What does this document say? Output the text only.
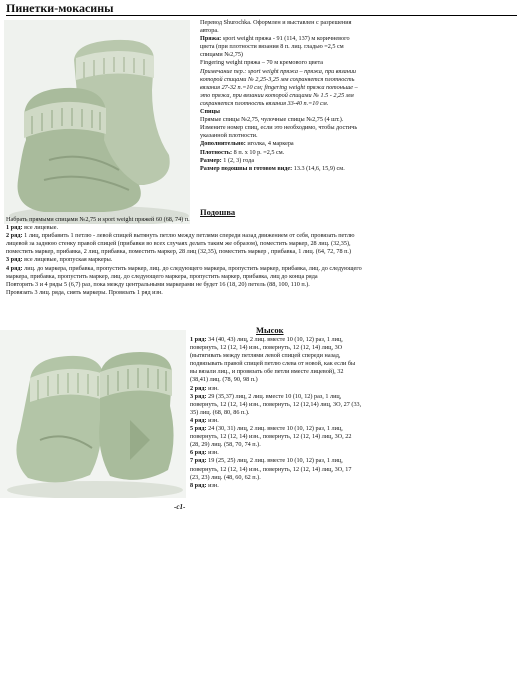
Пинетки-мокасины

Перевод Shurochka. Оформлен и выставлен с разрешения автора.

Пряжа: sport weight пряжа - 91 (114, 137) м коричневого цвета (при плотности вязания 8 п. лиц. гладью =2,5 см спицами №2,75)

Fingering weight пряжа – 70 м кремового цвета

Примечание пер.: sport weight пряжа – пряжа, при вязании которой спицами № 2,25-3,25 мм сохраняется плотность вязания 27-32 п.=10 см; fingering weight пряжа потоньше – это пряжа, при вязании которой спицами № 1.5 - 2,25 мм сохраняется плотность вязания 33-40 п.=10 см.

Спицы

Прямые спицы №2,75, чулочные спицы №2,75 (4 шт.). Измените номер спиц, если это необходимо, чтобы достичь указанной плотности.

Дополнительно: иголка, 4 маркера

Плотность: 8 п. х 10 р. =2,5 см.

Размер: 1 (2, 3) года

Размер подошвы в готовом виде: 13.3 (14,6, 15,9) см.

Подошва

Набрать прямыми спицами №2,75 и sport weight пряжей 60 (68, 74) п.

1 ряд: все лицевые.

2 ряд: 1 лиц, прибавить 1 петлю - левой спицей вытянуть петлю между петлями спереди назад движением от себя, провязать петлю лицевой за заднюю стенку правой спицей (прибавки во всех случаях делать таким же образом), поместить маркер, 28 лиц. (32,35), поместить маркер, прибавка, 2 лиц, прибавка, поместить маркер, 28 лиц (32,35), поместить маркер , прибавка, 1 лиц. (64, 72, 78 п.)

3 ряд: все лицевые, пропуская маркеры.

4 ряд: лиц. до маркера, прибавка, пропустить маркер, лиц. до следующего маркера, пропустить маркер, прибавка, лиц. до следующего маркера, прибавка, пропустить маркер, лиц. до следующего маркера, пропустить маркер, прибавка, лиц до конца ряда

Повторять 3 и 4 ряды 5 (6,7) раз, пока между центральными маркерами не будет 16 (18, 20) петель (88, 100, 110 п.).

Провязать 3 лиц. ряда, сиять маркеры. Провязать 1 ряд изн.

Мысок

1 ряд: 34 (40, 43) лиц, 2 лиц. вместе 10 (10, 12) раз, 1 лиц, повернуть, 12 (12, 14) изн., повернуть, 12 (12, 14) лиц, 3О (вытягивать между петлями левой спицей спереди назад, подвязывать правой спицей петлю слева от новой, как если бы вы вязали лиц., и провязать обе петли вместе лицевой), 32 (38,41) лиц. (78, 90, 98 п.)

2 ряд: изн.

3 ряд: 29 (35,37) лиц, 2 лиц. вместе 10 (10, 12) раз, 1 лиц, повернуть, 12 (12, 14) изн., повернуть, 12 (12,14) лиц, 3О, 27 (33, 35) лиц. (68, 80, 86 п.).

4 ряд: изн.

5 ряд: 24 (30, 31) лиц, 2 лиц. вместе 10 (10, 12) раз, 1 лиц, повернуть, 12 (12, 14) изн., повернуть, 12 (12, 14) лиц, 3О, 22 (28, 29) лиц. (58, 70, 74 п.).

6 ряд: изн.

7 ряд: 19 (25, 25) лиц, 2 лиц. вместе 10 (10, 12) раз, 1 лиц, повернуть, 12 (12, 14) изн., повернуть, 12 (12, 14) лиц, 3О, 17 (23, 23) лиц. (48, 60, 62 п.).

8 ряд: изн.

-c1-
